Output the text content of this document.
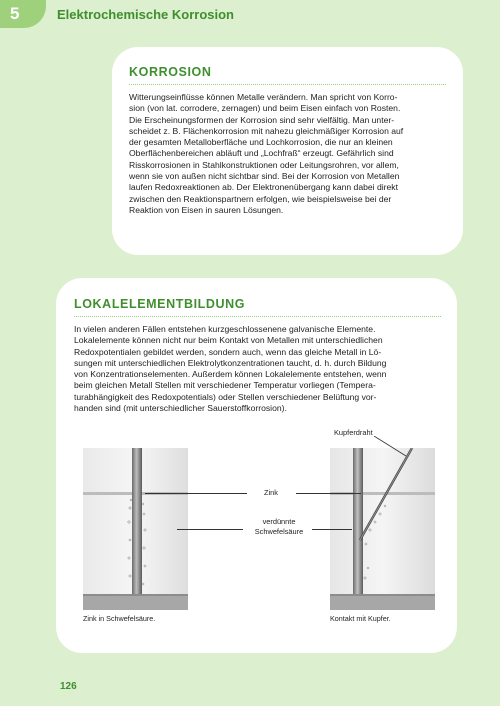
5	Elektrochemische Korrosion
KORROSION

Witterungseinflüsse können Metalle verändern. Man spricht von Korro-
sion (von lat. corrodere, zernagen) und beim Eisen einfach von Rosten.
Die Erscheinungsformen der Korrosion sind sehr vielfältig. Man unter-
scheidet z. B. Flächenkorrosion mit nahezu gleichmäßiger Korrosion auf
der gesamten Metalloberfläche und Lochkorrosion, die nur an kleinen
Oberflächenbereichen abläuft und „Lochfraß“ erzeugt. Gefährlich sind
Risskorrosionen in Stahlkonstruktionen oder Leitungsrohren, vor allem,
wenn sie von außen nicht sichtbar sind. Bei der Korrosion von Metallen
laufen Redoxreaktionen ab. Der Elektronenübergang kann dabei direkt
zwischen den Reaktionspartnern erfolgen, wie beispielsweise bei der
Reaktion von Eisen in sauren Lösungen.

LOKALELEMENTBILDUNG

In vielen anderen Fällen entstehen kurzgeschlossenene galvanische Elemente.
Lokalelemente können nicht nur beim Kontakt von Metallen mit unterschiedlichen
Redoxpotentialen gebildet werden, sondern auch, wenn das gleiche Metall in Lö-
sungen mit unterschiedlichen Elektrolytkonzentrationen taucht, d. h. durch Bildung
von Konzentrationselementen. Außerdem können Lokalelemente entstehen, wenn
beim gleichen Metall Stellen mit verschiedener Temperatur vorliegen (Tempera-
turabhängigkeit des Redoxpotentials) oder Stellen verschiedener Belüftung vor-
handen sind (mit unterschiedlicher Sauerstoffkorrosion).

Kupferdraht
Zink
verdünnte
Schwefelsäure
Zink in Schwefelsäure.	Kontakt mit Kupfer.
126
